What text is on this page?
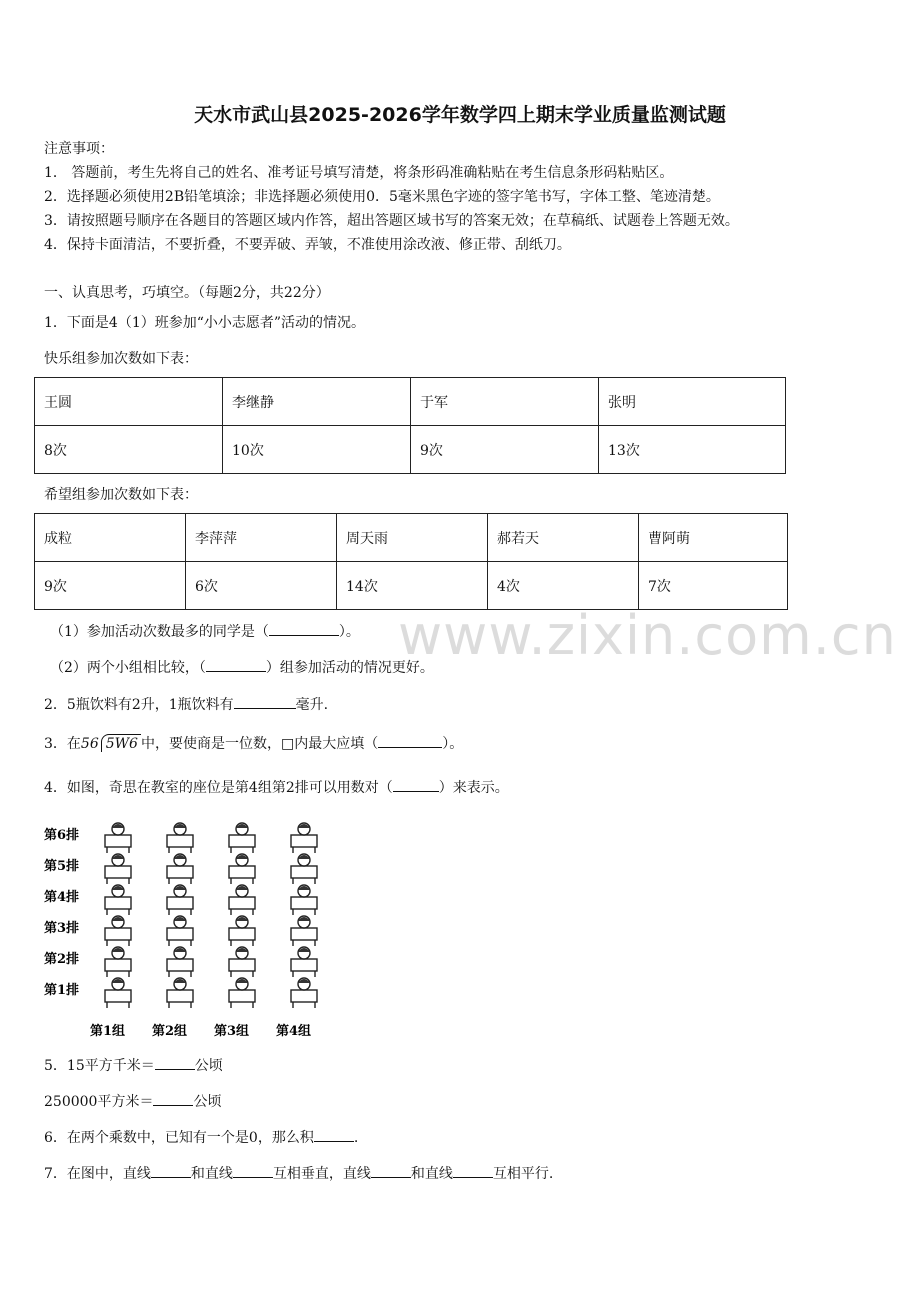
天水市武山县2025-2026学年数学四上期末学业质量监测试题
注意事项：
1． 答题前，考生先将自己的姓名、准考证号填写清楚，将条形码准确粘贴在考生信息条形码粘贴区。
2．选择题必须使用2B铅笔填涂；非选择题必须使用0．5毫米黑色字迹的签字笔书写，字体工整、笔迹清楚。
3．请按照题号顺序在各题目的答题区域内作答，超出答题区域书写的答案无效；在草稿纸、试题卷上答题无效。
4．保持卡面清洁，不要折叠，不要弄破、弄皱，不准使用涂改液、修正带、刮纸刀。
一、认真思考，巧填空。（每题2分，共22分）
1．下面是4（1）班参加“小小志愿者”活动的情况。
快乐组参加次数如下表：
王圆	李继静	于军	张明
8次	10次	9次	13次
希望组参加次数如下表：
成粒	李萍萍	周天雨	郝若天	曹阿萌
9次	6次	14次	4次	7次
www.zixin.com.cn
（1）参加活动次数最多的同学是（	）。
（2）两个小组相比较，（	）组参加活动的情况更好。
2．5瓶饮料有2升，1瓶饮料有	毫升.
3．在56 5W6 中，要使商是一位数，□内最大应填（	）。
4．如图，奇思在教室的座位是第4组第2排可以用数对（	）来表示。
第6排
第5排
第4排
第3排
第2排
第1排
第1组 第2组 第3组 第4组
5．15平方千米＝	公顷
250000平方米＝	公顷
6．在两个乘数中，已知有一个是0，那么积	.
7．在图中，直线	和直线	互相垂直，直线	和直线	互相平行.
